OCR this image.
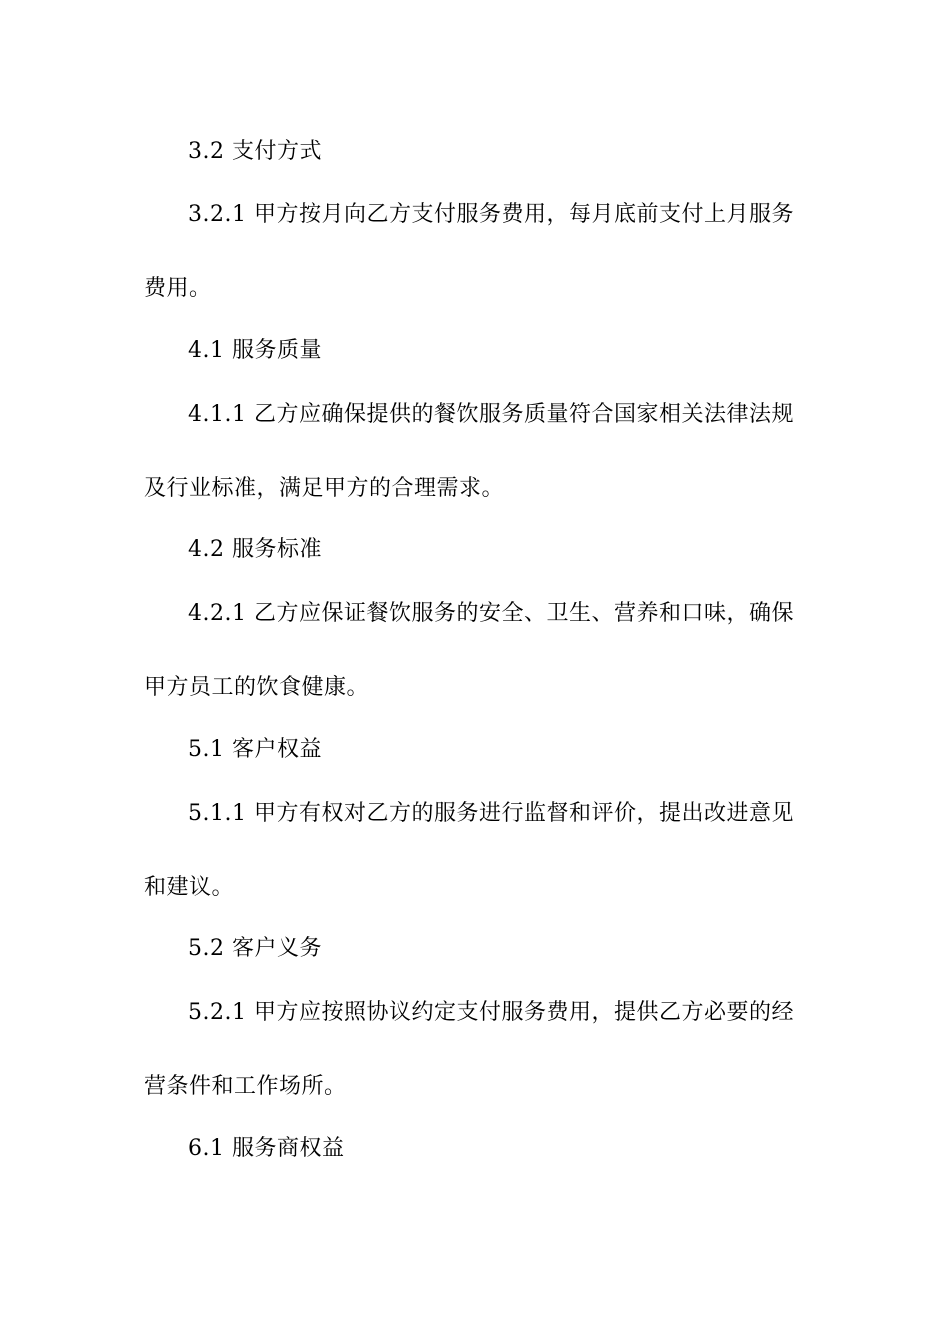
3.2 支付方式
3.2.1 甲方按月向乙方支付服务费用，每月底前支付上月服务
费用。
4.1 服务质量
4.1.1 乙方应确保提供的餐饮服务质量符合国家相关法律法规
及行业标准，满足甲方的合理需求。
4.2 服务标准
4.2.1 乙方应保证餐饮服务的安全、卫生、营养和口味，确保
甲方员工的饮食健康。
5.1 客户权益
5.1.1 甲方有权对乙方的服务进行监督和评价，提出改进意见
和建议。
5.2 客户义务
5.2.1 甲方应按照协议约定支付服务费用，提供乙方必要的经
营条件和工作场所。
6.1 服务商权益
